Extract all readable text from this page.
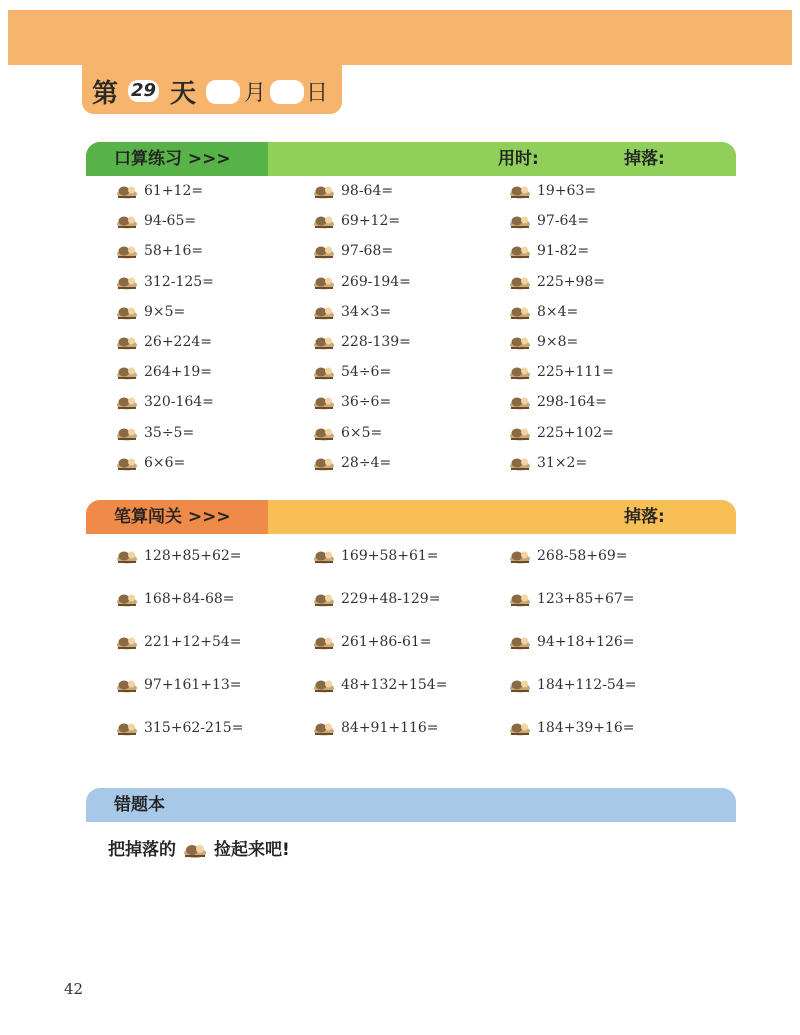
第 29 天 月 日
口算练习 >>>	用时:	掉落:
61+12=
94-65=
58+16=
312-125=
9×5=
26+224=
264+19=
320-164=
35÷5=
6×6=
98-64=
69+12=
97-68=
269-194=
34×3=
228-139=
54÷6=
36÷6=
6×5=
28÷4=
19+63=
97-64=
91-82=
225+98=
8×4=
9×8=
225+111=
298-164=
225+102=
31×2=
笔算闯关 >>>	掉落:
128+85+62=
168+84-68=
221+12+54=
97+161+13=
315+62-215=
169+58+61=
229+48-129=
261+86-61=
48+132+154=
84+91+116=
268-58+69=
123+85+67=
94+18+126=
184+112-54=
184+39+16=
错题本
把掉落的 捡起来吧!
42
